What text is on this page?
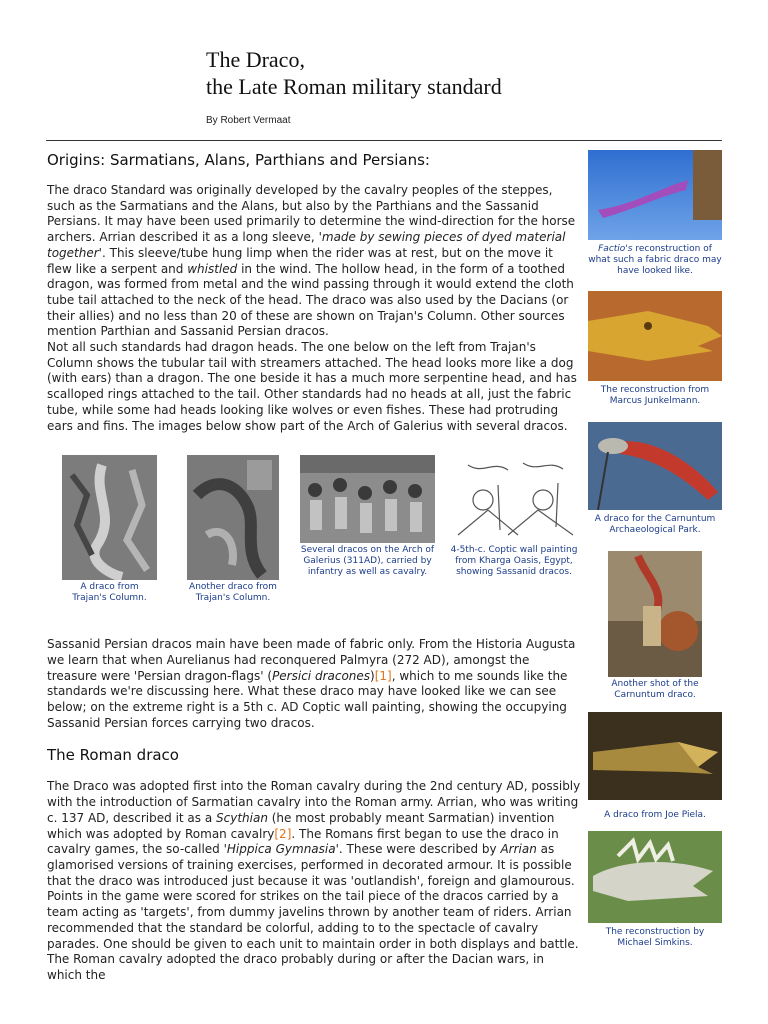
The Draco,
the Late Roman military standard
By Robert Vermaat
Origins: Sarmatians, Alans, Parthians and Persians:

The draco Standard was originally developed by the cavalry peoples of the steppes, such as the Sarmatians and the Alans, but also by the Parthians and the Sassanid Persians. It may have been used primarily to determine the wind-direction for the horse archers. Arrian described it as a long sleeve, 'made by sewing pieces of dyed material together'. This sleeve/tube hung limp when the rider was at rest, but on the move it flew like a serpent and whistled in the wind. The hollow head, in the form of a toothed dragon, was formed from metal and the wind passing through it would extend the cloth tube tail attached to the neck of the head. The draco was also used by the Dacians (or their allies) and no less than 20 of these are shown on Trajan's Column. Other sources mention Parthian and Sassanid Persian dracos.

Not all such standards had dragon heads. The one below on the left from Trajan's Column shows the tubular tail with streamers attached. The head looks more like a dog (with ears) than a dragon. The one beside it has a much more serpentine head, and has scalloped rings attached to the tail. Other standards had no heads at all, just the fabric tube, while some had heads looking like wolves or even fishes. These had protruding ears and fins. The images below show part of the Arch of Galerius with several dracos.

A draco from Trajan's Column.
Another draco from Trajan's Column.
Several dracos on the Arch of Galerius (311AD), carried by infantry as well as cavalry.
4-5th-c. Coptic wall painting from Kharga Oasis, Egypt, showing Sassanid dracos.

Sassanid Persian dracos main have been made of fabric only. From the Historia Augusta we learn that when Aurelianus had reconquered Palmyra (272 AD), amongst the treasure were 'Persian dragon-flags' (Persici dracones)[1], which to me sounds like the standards we're discussing here. What these draco may have looked like we can see below; on the extreme right is a 5th c. AD Coptic wall painting, showing the occupying Sassanid Persian forces carrying two dracos.

The Roman draco

The Draco was adopted first into the Roman cavalry during the 2nd century AD, possibly with the introduction of Sarmatian cavalry into the Roman army. Arrian, who was writing c. 137 AD, described it as a Scythian (he most probably meant Sarmatian) invention which was adopted by Roman cavalry[2]. The Romans first began to use the draco in cavalry games, the so-called 'Hippica Gymnasia'. These were described by Arrian as glamorised versions of training exercises, performed in decorated armour. It is possible that the draco was introduced just because it was 'outlandish', foreign and glamourous. Points in the game were scored for strikes on the tail piece of the dracos carried by a team acting as 'targets', from dummy javelins thrown by another team of riders. Arrian recommended that the standard be colorful, adding to to the spectacle of cavalry parades. One should be given to each unit to maintain order in both displays and battle. The Roman cavalry adopted the draco probably during or after the Dacian wars, in which the

Factio's reconstruction of what such a fabric draco may have looked like.
The reconstruction from Marcus Junkelmann.
A draco for the Carnuntum Archaeological Park.
Another shot of the Carnuntum draco.
A draco from Joe Piela.
The reconstruction by Michael Simkins.
